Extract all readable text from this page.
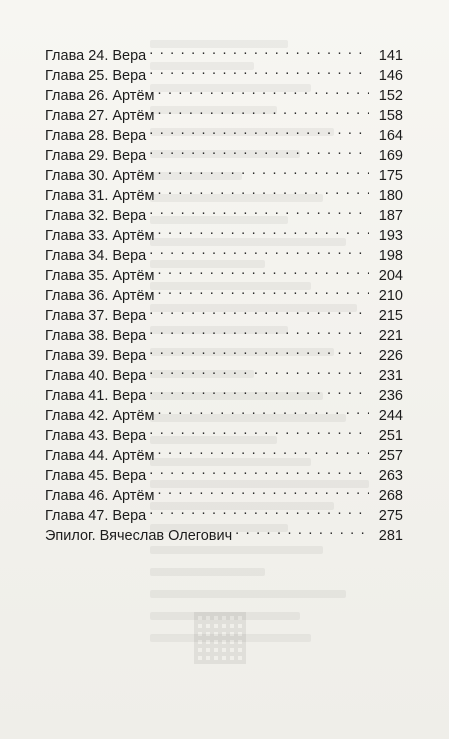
Глава 24. Вера . . .	141
Глава 25. Вера . . .	146
Глава 26. Артём . . .	152
Глава 27. Артём . . .	158
Глава 28. Вера . . .	164
Глава 29. Вера . . .	169
Глава 30. Артём . . .	175
Глава 31. Артём . . .	180
Глава 32. Вера . . .	187
Глава 33. Артём . . .	193
Глава 34. Вера . . .	198
Глава 35. Артём . . .	204
Глава 36. Артём . . .	210
Глава 37. Вера . . .	215
Глава 38. Вера . . .	221
Глава 39. Вера . . .	226
Глава 40. Вера . . .	231
Глава 41. Вера . . .	236
Глава 42. Артём . . .	244
Глава 43. Вера . . .	251
Глава 44. Артём . . .	257
Глава 45. Вера . . .	263
Глава 46. Артём . . .	268
Глава 47. Вера . . .	275
Эпилог. Вячеслав Олегович . . .	281
